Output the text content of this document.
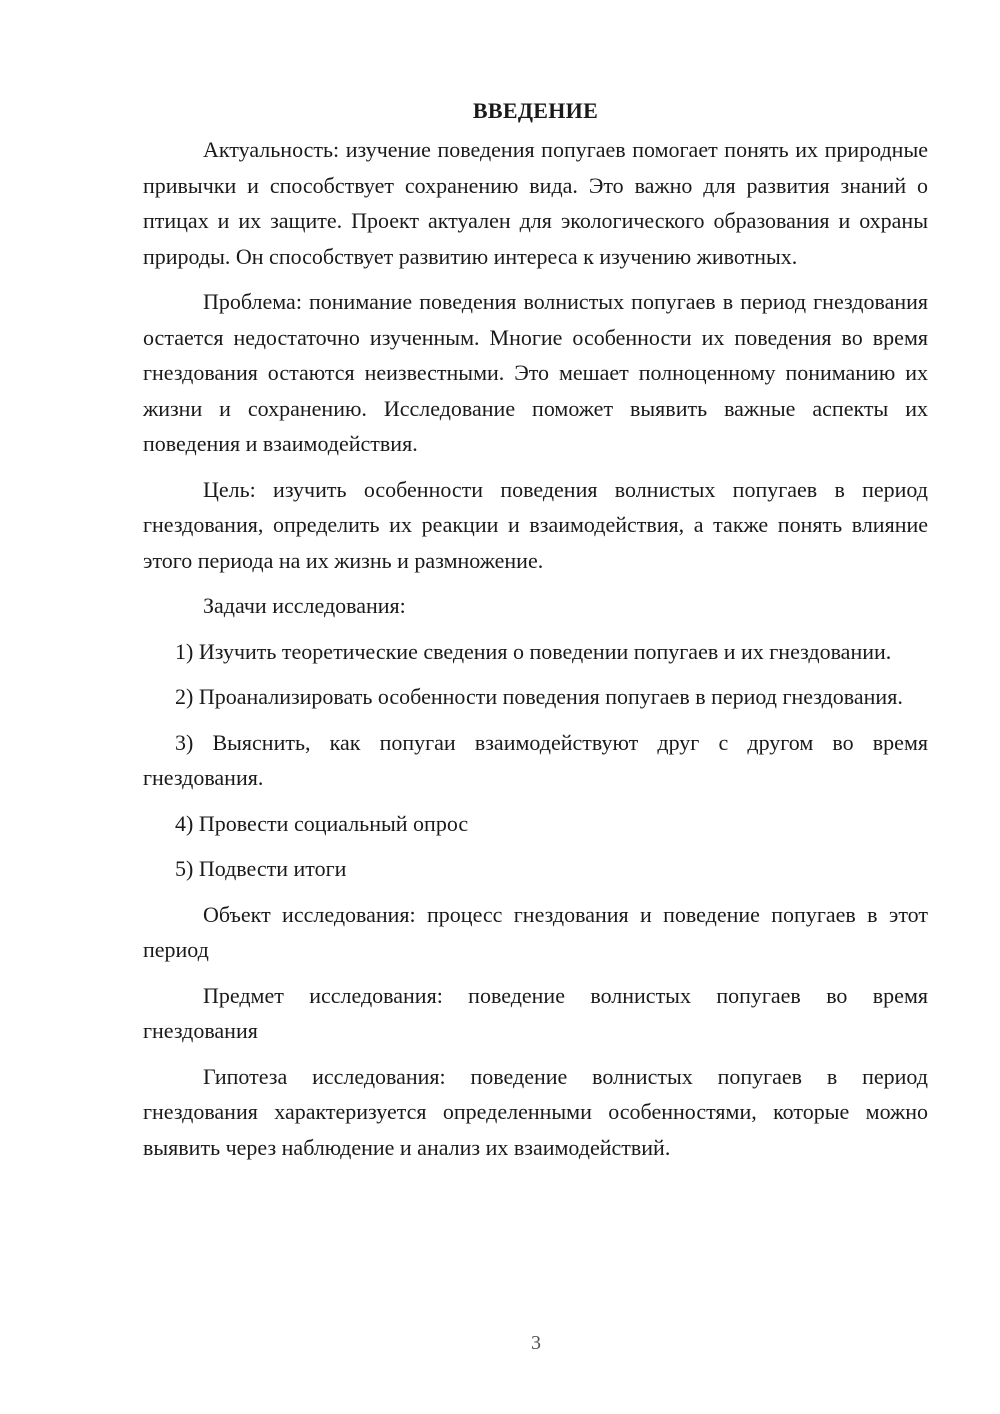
ВВЕДЕНИЕ

Актуальность: изучение поведения попугаев помогает понять их природные привычки и способствует сохранению вида. Это важно для развития знаний о птицах и их защите. Проект актуален для экологического образования и охраны природы. Он способствует развитию интереса к изучению животных.

Проблема: понимание поведения волнистых попугаев в период гнездования остается недостаточно изученным. Многие особенности их поведения во время гнездования остаются неизвестными. Это мешает полноценному пониманию их жизни и сохранению. Исследование поможет выявить важные аспекты их поведения и взаимодействия.

Цель: изучить особенности поведения волнистых попугаев в период гнездования, определить их реакции и взаимодействия, а также понять влияние этого периода на их жизнь и размножение.

Задачи исследования:

1) Изучить теоретические сведения о поведении попугаев и их гнездовании.

2) Проанализировать особенности поведения попугаев в период гнездования.

3) Выяснить, как попугаи взаимодействуют друг с другом во время гнездования.

4) Провести социальный опрос

5) Подвести итоги

Объект исследования: процесс гнездования и поведение попугаев в этот период

Предмет исследования: поведение волнистых попугаев во время гнездования

Гипотеза исследования: поведение волнистых попугаев в период гнездования характеризуется определенными особенностями, которые можно выявить через наблюдение и анализ их взаимодействий.

3
